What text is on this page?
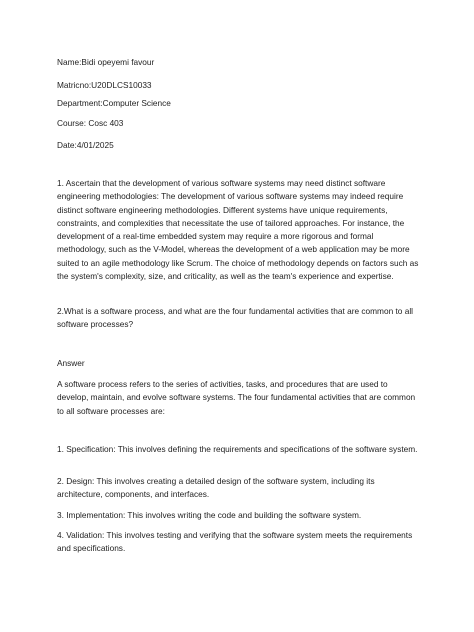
Name:Bidi opeyemi favour

Matricno:U20DLCS10033

Department:Computer Science

Course: Cosc 403

Date:4/01/2025

1. Ascertain that the development of various software systems may need distinct software engineering methodologies: The development of various software systems may indeed require distinct software engineering methodologies. Different systems have unique requirements, constraints, and complexities that necessitate the use of tailored approaches. For instance, the development of a real-time embedded system may require a more rigorous and formal methodology, such as the V-Model, whereas the development of a web application may be more suited to an agile methodology like Scrum. The choice of methodology depends on factors such as the system's complexity, size, and criticality, as well as the team's experience and expertise.

2.What is a software process, and what are the four fundamental activities that are common to all software processes?

Answer

A software process refers to the series of activities, tasks, and procedures that are used to develop, maintain, and evolve software systems. The four fundamental activities that are common to all software processes are:

1. Specification: This involves defining the requirements and specifications of the software system.

2. Design: This involves creating a detailed design of the software system, including its architecture, components, and interfaces.

3. Implementation: This involves writing the code and building the software system.

4. Validation: This involves testing and verifying that the software system meets the requirements and specifications.
